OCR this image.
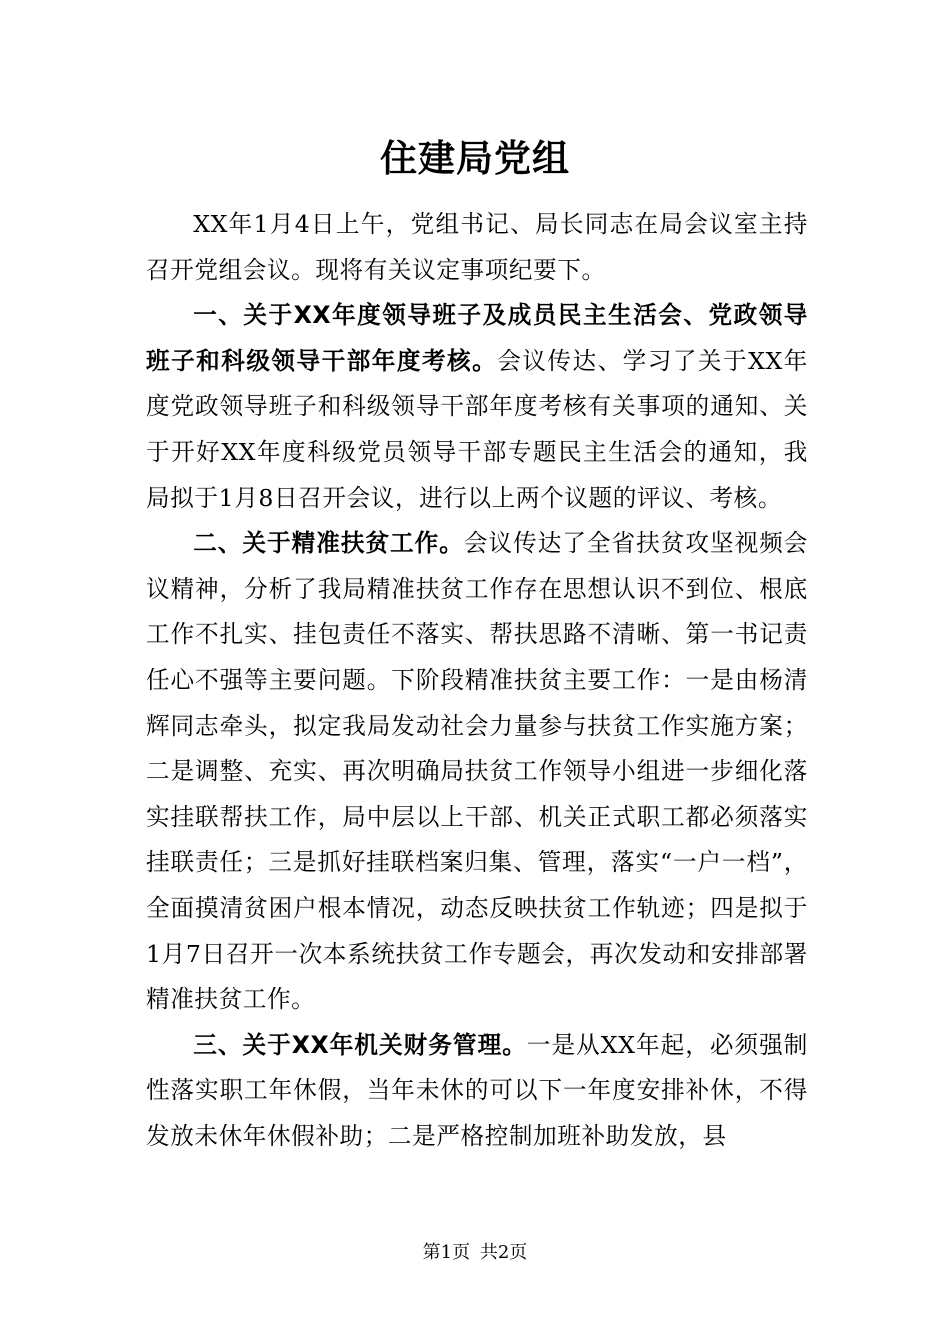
住建局党组

XX年1月4日上午，党组书记、局长同志在局会议室主持召开党组会议。现将有关议定事项纪要下。

一、关于XX年度领导班子及成员民主生活会、党政领导班子和科级领导干部年度考核。会议传达、学习了关于XX年度党政领导班子和科级领导干部年度考核有关事项的通知、关于开好XX年度科级党员领导干部专题民主生活会的通知，我局拟于1月8日召开会议，进行以上两个议题的评议、考核。

二、关于精准扶贫工作。会议传达了全省扶贫攻坚视频会议精神，分析了我局精准扶贫工作存在思想认识不到位、根底工作不扎实、挂包责任不落实、帮扶思路不清晰、第一书记责任心不强等主要问题。下阶段精准扶贫主要工作：一是由杨清辉同志牵头，拟定我局发动社会力量参与扶贫工作实施方案；二是调整、充实、再次明确局扶贫工作领导小组进一步细化落实挂联帮扶工作，局中层以上干部、机关正式职工都必须落实挂联责任；三是抓好挂联档案归集、管理，落实“一户一档”，全面摸清贫困户根本情况，动态反映扶贫工作轨迹；四是拟于1月7日召开一次本系统扶贫工作专题会，再次发动和安排部署精准扶贫工作。

三、关于XX年机关财务管理。一是从XX年起，必须强制性落实职工年休假，当年未休的可以下一年度安排补休，不得发放未休年休假补助；二是严格控制加班补助发放，县

第1页 共2页
